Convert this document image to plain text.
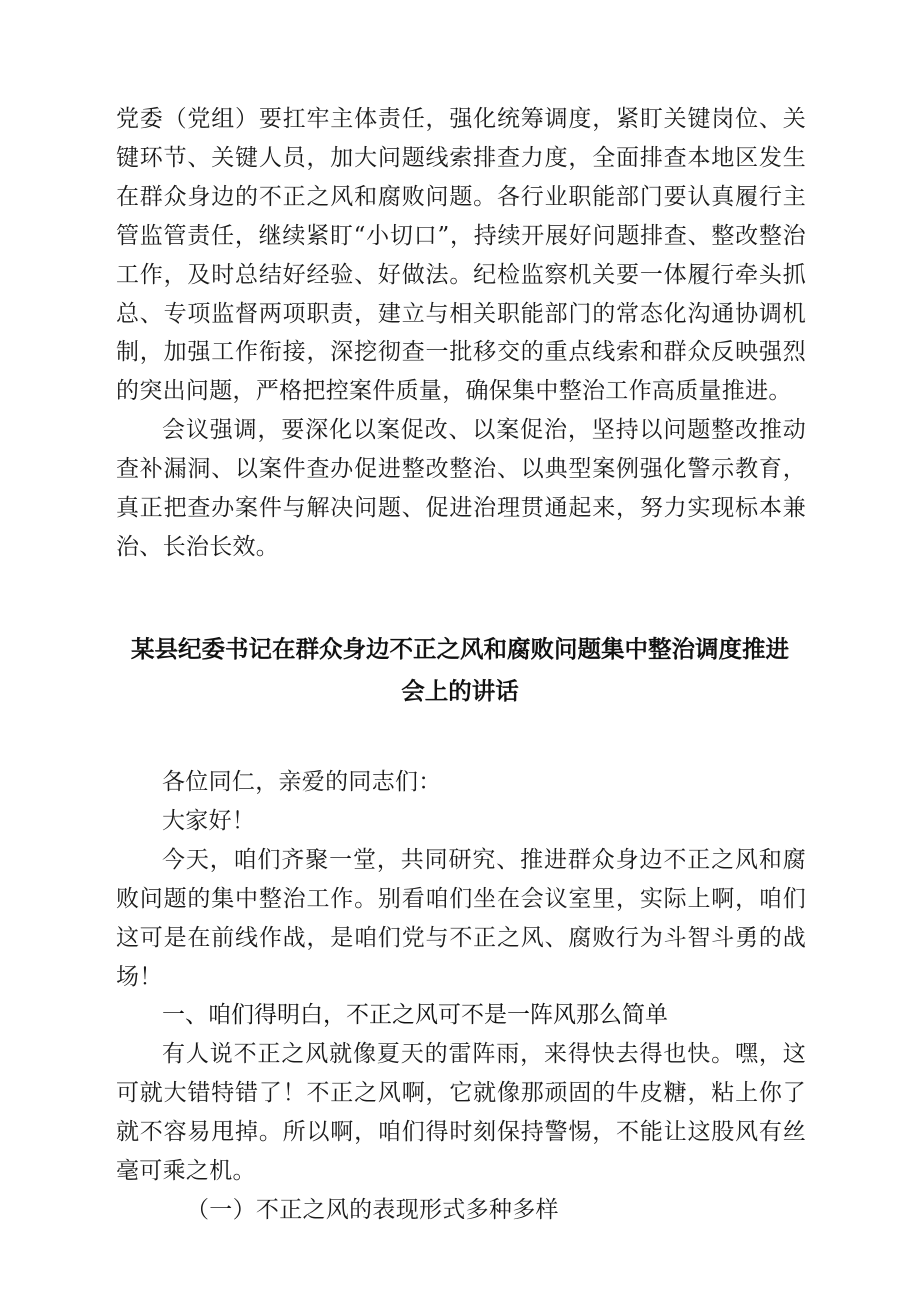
党委（党组）要扛牢主体责任，强化统筹调度，紧盯关键岗位、关键环节、关键人员，加大问题线索排查力度，全面排查本地区发生在群众身边的不正之风和腐败问题。各行业职能部门要认真履行主管监管责任，继续紧盯“小切口”，持续开展好问题排查、整改整治工作，及时总结好经验、好做法。纪检监察机关要一体履行牵头抓总、专项监督两项职责，建立与相关职能部门的常态化沟通协调机制，加强工作衔接，深挖彻查一批移交的重点线索和群众反映强烈的突出问题，严格把控案件质量，确保集中整治工作高质量推进。

会议强调，要深化以案促改、以案促治，坚持以问题整改推动查补漏洞、以案件查办促进整改整治、以典型案例强化警示教育，真正把查办案件与解决问题、促进治理贯通起来，努力实现标本兼治、长治长效。

某县纪委书记在群众身边不正之风和腐败问题集中整治调度推进
会上的讲话

各位同仁，亲爱的同志们：

大家好！

今天，咱们齐聚一堂，共同研究、推进群众身边不正之风和腐败问题的集中整治工作。别看咱们坐在会议室里，实际上啊，咱们这可是在前线作战，是咱们党与不正之风、腐败行为斗智斗勇的战场！

一、咱们得明白，不正之风可不是一阵风那么简单

有人说不正之风就像夏天的雷阵雨，来得快去得也快。嘿，这可就大错特错了！不正之风啊，它就像那顽固的牛皮糖，粘上你了就不容易甩掉。所以啊，咱们得时刻保持警惕，不能让这股风有丝毫可乘之机。

（一）不正之风的表现形式多种多样
